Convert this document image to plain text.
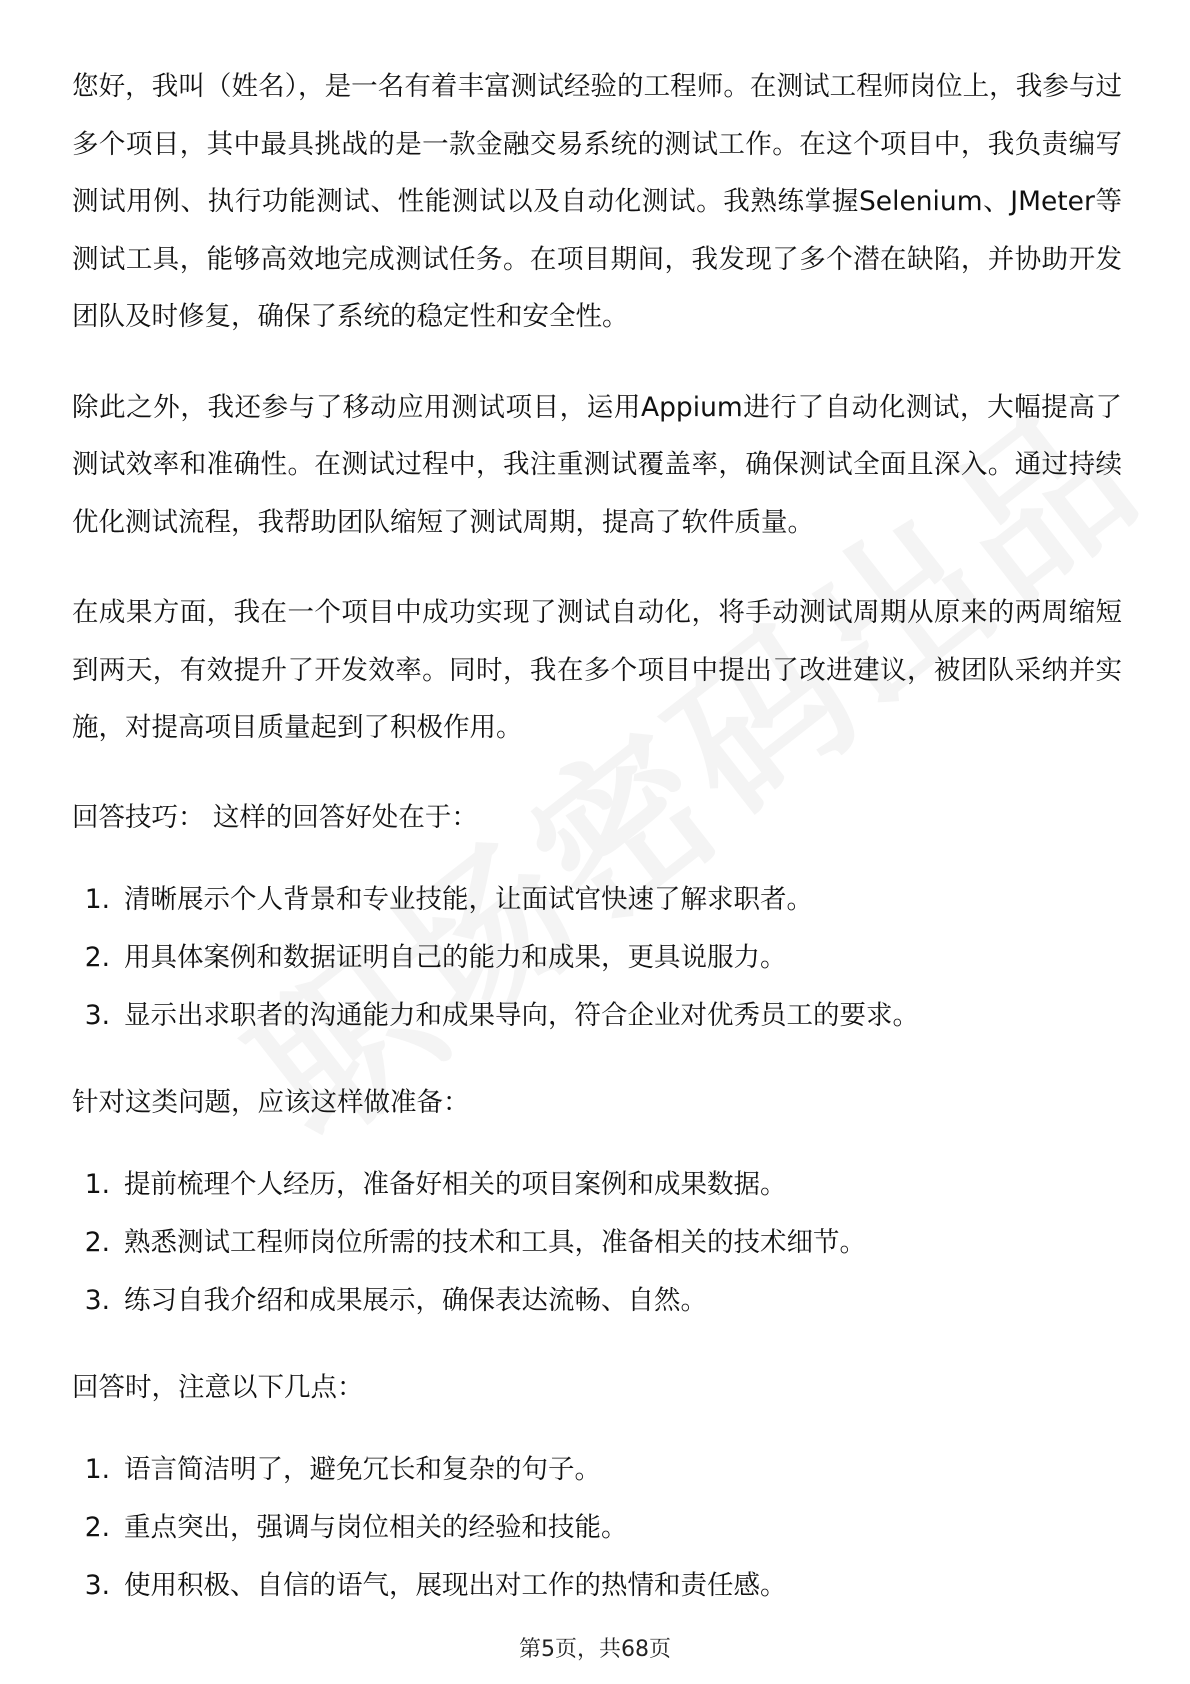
您好，我叫（姓名），是一名有着丰富测试经验的工程师。在测试工程师岗位上，我参与过多个项目，其中最具挑战的是一款金融交易系统的测试工作。在这个项目中，我负责编写测试用例、执行功能测试、性能测试以及自动化测试。我熟练掌握Selenium、JMeter等测试工具，能够高效地完成测试任务。在项目期间，我发现了多个潜在缺陷，并协助开发团队及时修复，确保了系统的稳定性和安全性。

除此之外，我还参与了移动应用测试项目，运用Appium进行了自动化测试，大幅提高了测试效率和准确性。在测试过程中，我注重测试覆盖率，确保测试全面且深入。通过持续优化测试流程，我帮助团队缩短了测试周期，提高了软件质量。

在成果方面，我在一个项目中成功实现了测试自动化，将手动测试周期从原来的两周缩短到两天，有效提升了开发效率。同时，我在多个项目中提出了改进建议，被团队采纳并实施，对提高项目质量起到了积极作用。

回答技巧： 这样的回答好处在于：
1. 清晰展示个人背景和专业技能，让面试官快速了解求职者。
2. 用具体案例和数据证明自己的能力和成果，更具说服力。
3. 显示出求职者的沟通能力和成果导向，符合企业对优秀员工的要求。
针对这类问题，应该这样做准备：
1. 提前梳理个人经历，准备好相关的项目案例和成果数据。
2. 熟悉测试工程师岗位所需的技术和工具，准备相关的技术细节。
3. 练习自我介绍和成果展示，确保表达流畅、自然。
回答时，注意以下几点：
1. 语言简洁明了，避免冗长和复杂的句子。
2. 重点突出，强调与岗位相关的经验和技能。
3. 使用积极、自信的语气，展现出对工作的热情和责任感。
第5页，共68页
